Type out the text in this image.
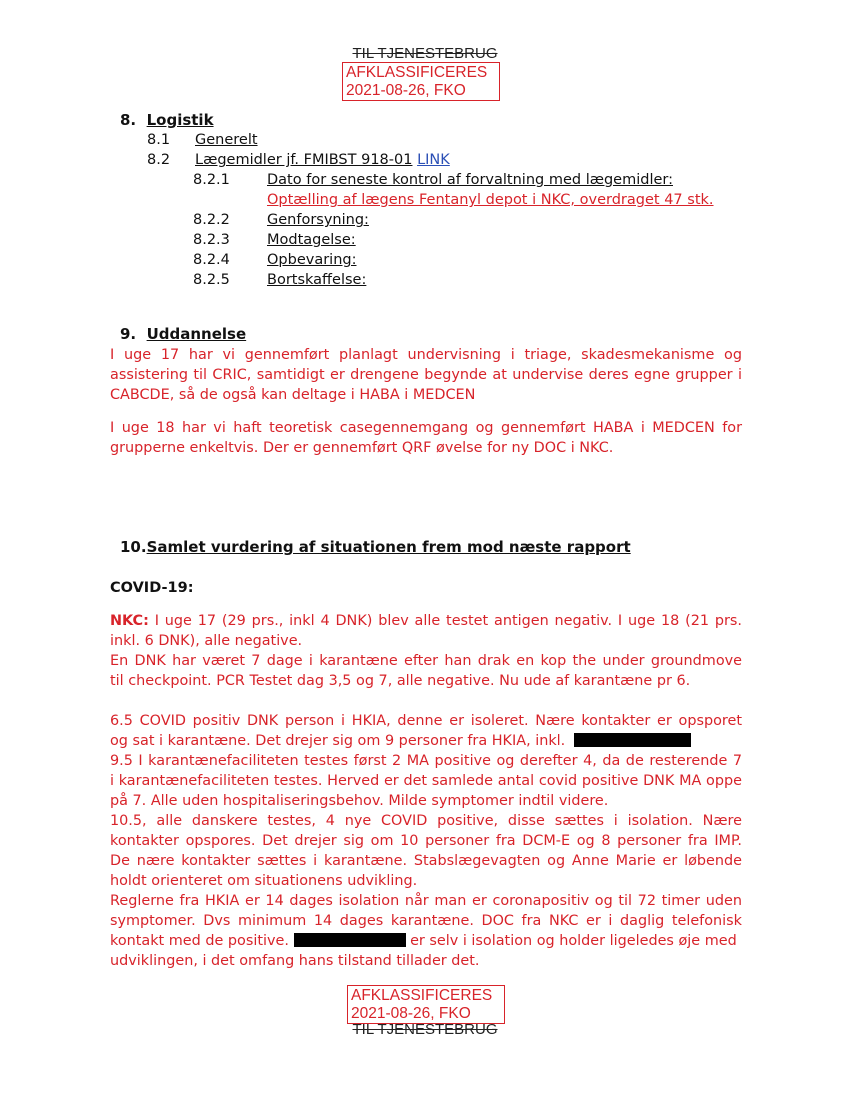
TIL TJENESTEBRUG
AFKLASSIFICERES
2021-08-26, FKO
8. Logistik
8.1 Generelt
8.2 Lægemidler jf. FMIBST 918-01 LINK
8.2.1	Dato for seneste kontrol af forvaltning med lægemidler:
Optælling af lægens Fentanyl depot i NKC, overdraget 47 stk.
8.2.2	Genforsyning:
8.2.3	Modtagelse:
8.2.4	Opbevaring:
8.2.5	Bortskaffelse:
9. Uddannelse
I uge 17 har vi gennemført planlagt undervisning i triage, skadesmekanisme og
assistering til CRIC, samtidigt er drengene begynde at undervise deres egne grupper i
CABCDE, så de også kan deltage i HABA i MEDCEN
I uge 18 har vi haft teoretisk casegennemgang og gennemført HABA i MEDCEN for
grupperne enkeltvis. Der er gennemført QRF øvelse for ny DOC i NKC.
10.Samlet vurdering af situationen frem mod næste rapport
COVID-19:
NKC: I uge 17 (29 prs., inkl 4 DNK) blev alle testet antigen negativ. I uge 18 (21 prs.
inkl. 6 DNK), alle negative.
En DNK har været 7 dage i karantæne efter han drak en kop the under groundmove
til checkpoint. PCR Testet dag 3,5 og 7, alle negative. Nu ude af karantæne pr 6.
6.5 COVID positiv DNK person i HKIA, denne er isoleret. Nære kontakter er opsporet
og sat i karantæne. Det drejer sig om 9 personer fra HKIA, inkl.
9.5 I karantænefaciliteten testes først 2 MA positive og derefter 4, da de resterende 7
i karantænefaciliteten testes. Herved er det samlede antal covid positive DNK MA oppe
på 7. Alle uden hospitaliseringsbehov. Milde symptomer indtil videre.
10.5, alle danskere testes, 4 nye COVID positive, disse sættes i isolation. Nære
kontakter opspores. Det drejer sig om 10 personer fra DCM-E og 8 personer fra IMP.
De nære kontakter sættes i karantæne. Stabslægevagten og Anne Marie er løbende
holdt orienteret om situationens udvikling.
Reglerne fra HKIA er 14 dages isolation når man er coronapositiv og til 72 timer uden
symptomer. Dvs minimum 14 dages karantæne. DOC fra NKC er i daglig telefonisk
kontakt med de positive.	er selv i isolation og holder ligeledes øje med
udviklingen, i det omfang hans tilstand tillader det.
AFKLASSIFICERES
2021-08-26, FKO
TIL TJENESTEBRUG
